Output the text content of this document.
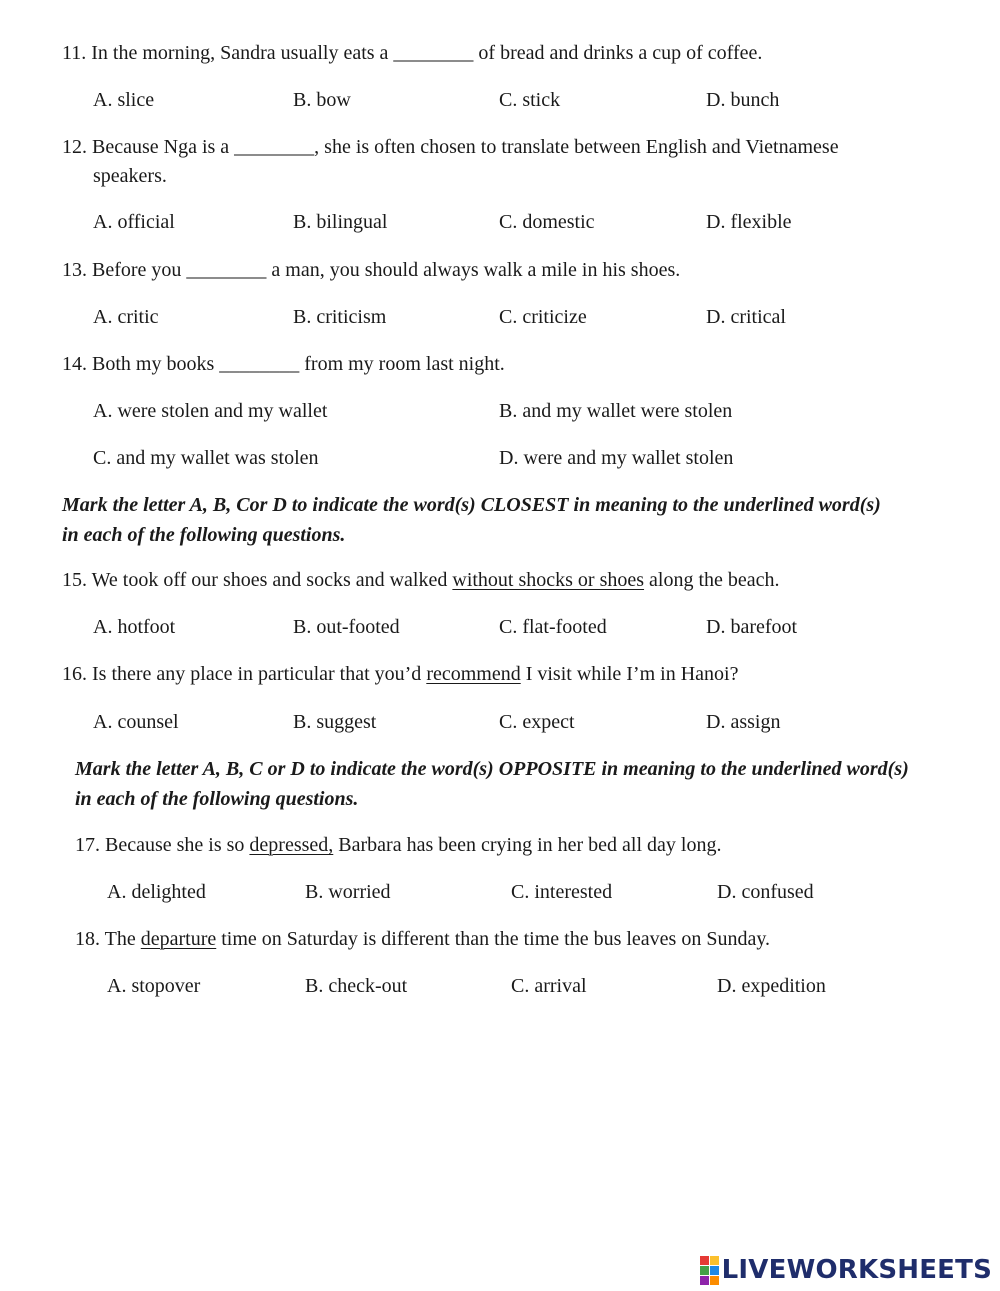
11. In the morning, Sandra usually eats a ________ of bread and drinks a cup of coffee.
A. slice	B. bow	C. stick	D. bunch
12. Because Nga is a ________, she is often chosen to translate between English and Vietnamese
speakers.
A. official	B. bilingual	C. domestic	D. flexible
13. Before you ________ a man, you should always walk a mile in his shoes.
A. critic	B. criticism	C. criticize	D. critical
14. Both my books ________ from my room last night.
A. were stolen and my wallet	B. and my wallet were stolen
C. and my wallet was stolen	D. were and my wallet stolen
Mark the letter A, B, Cor D to indicate the word(s) CLOSEST in meaning to the underlined word(s) in each of the following questions.
15. We took off our shoes and socks and walked without shocks or shoes along the beach.
A. hotfoot	B. out-footed	C. flat-footed	D. barefoot
16. Is there any place in particular that you’d recommend I visit while I’m in Hanoi?
A. counsel	B. suggest	C. expect	D. assign
Mark the letter A, B, C or D to indicate the word(s) OPPOSITE in meaning to the underlined word(s) in each of the following questions.
17. Because she is so depressed, Barbara has been crying in her bed all day long.
A. delighted	B. worried	C. interested	D. confused
18. The departure time on Saturday is different than the time the bus leaves on Sunday.
A. stopover	B. check-out	C. arrival	D. expedition
LIVEWORKSHEETS
